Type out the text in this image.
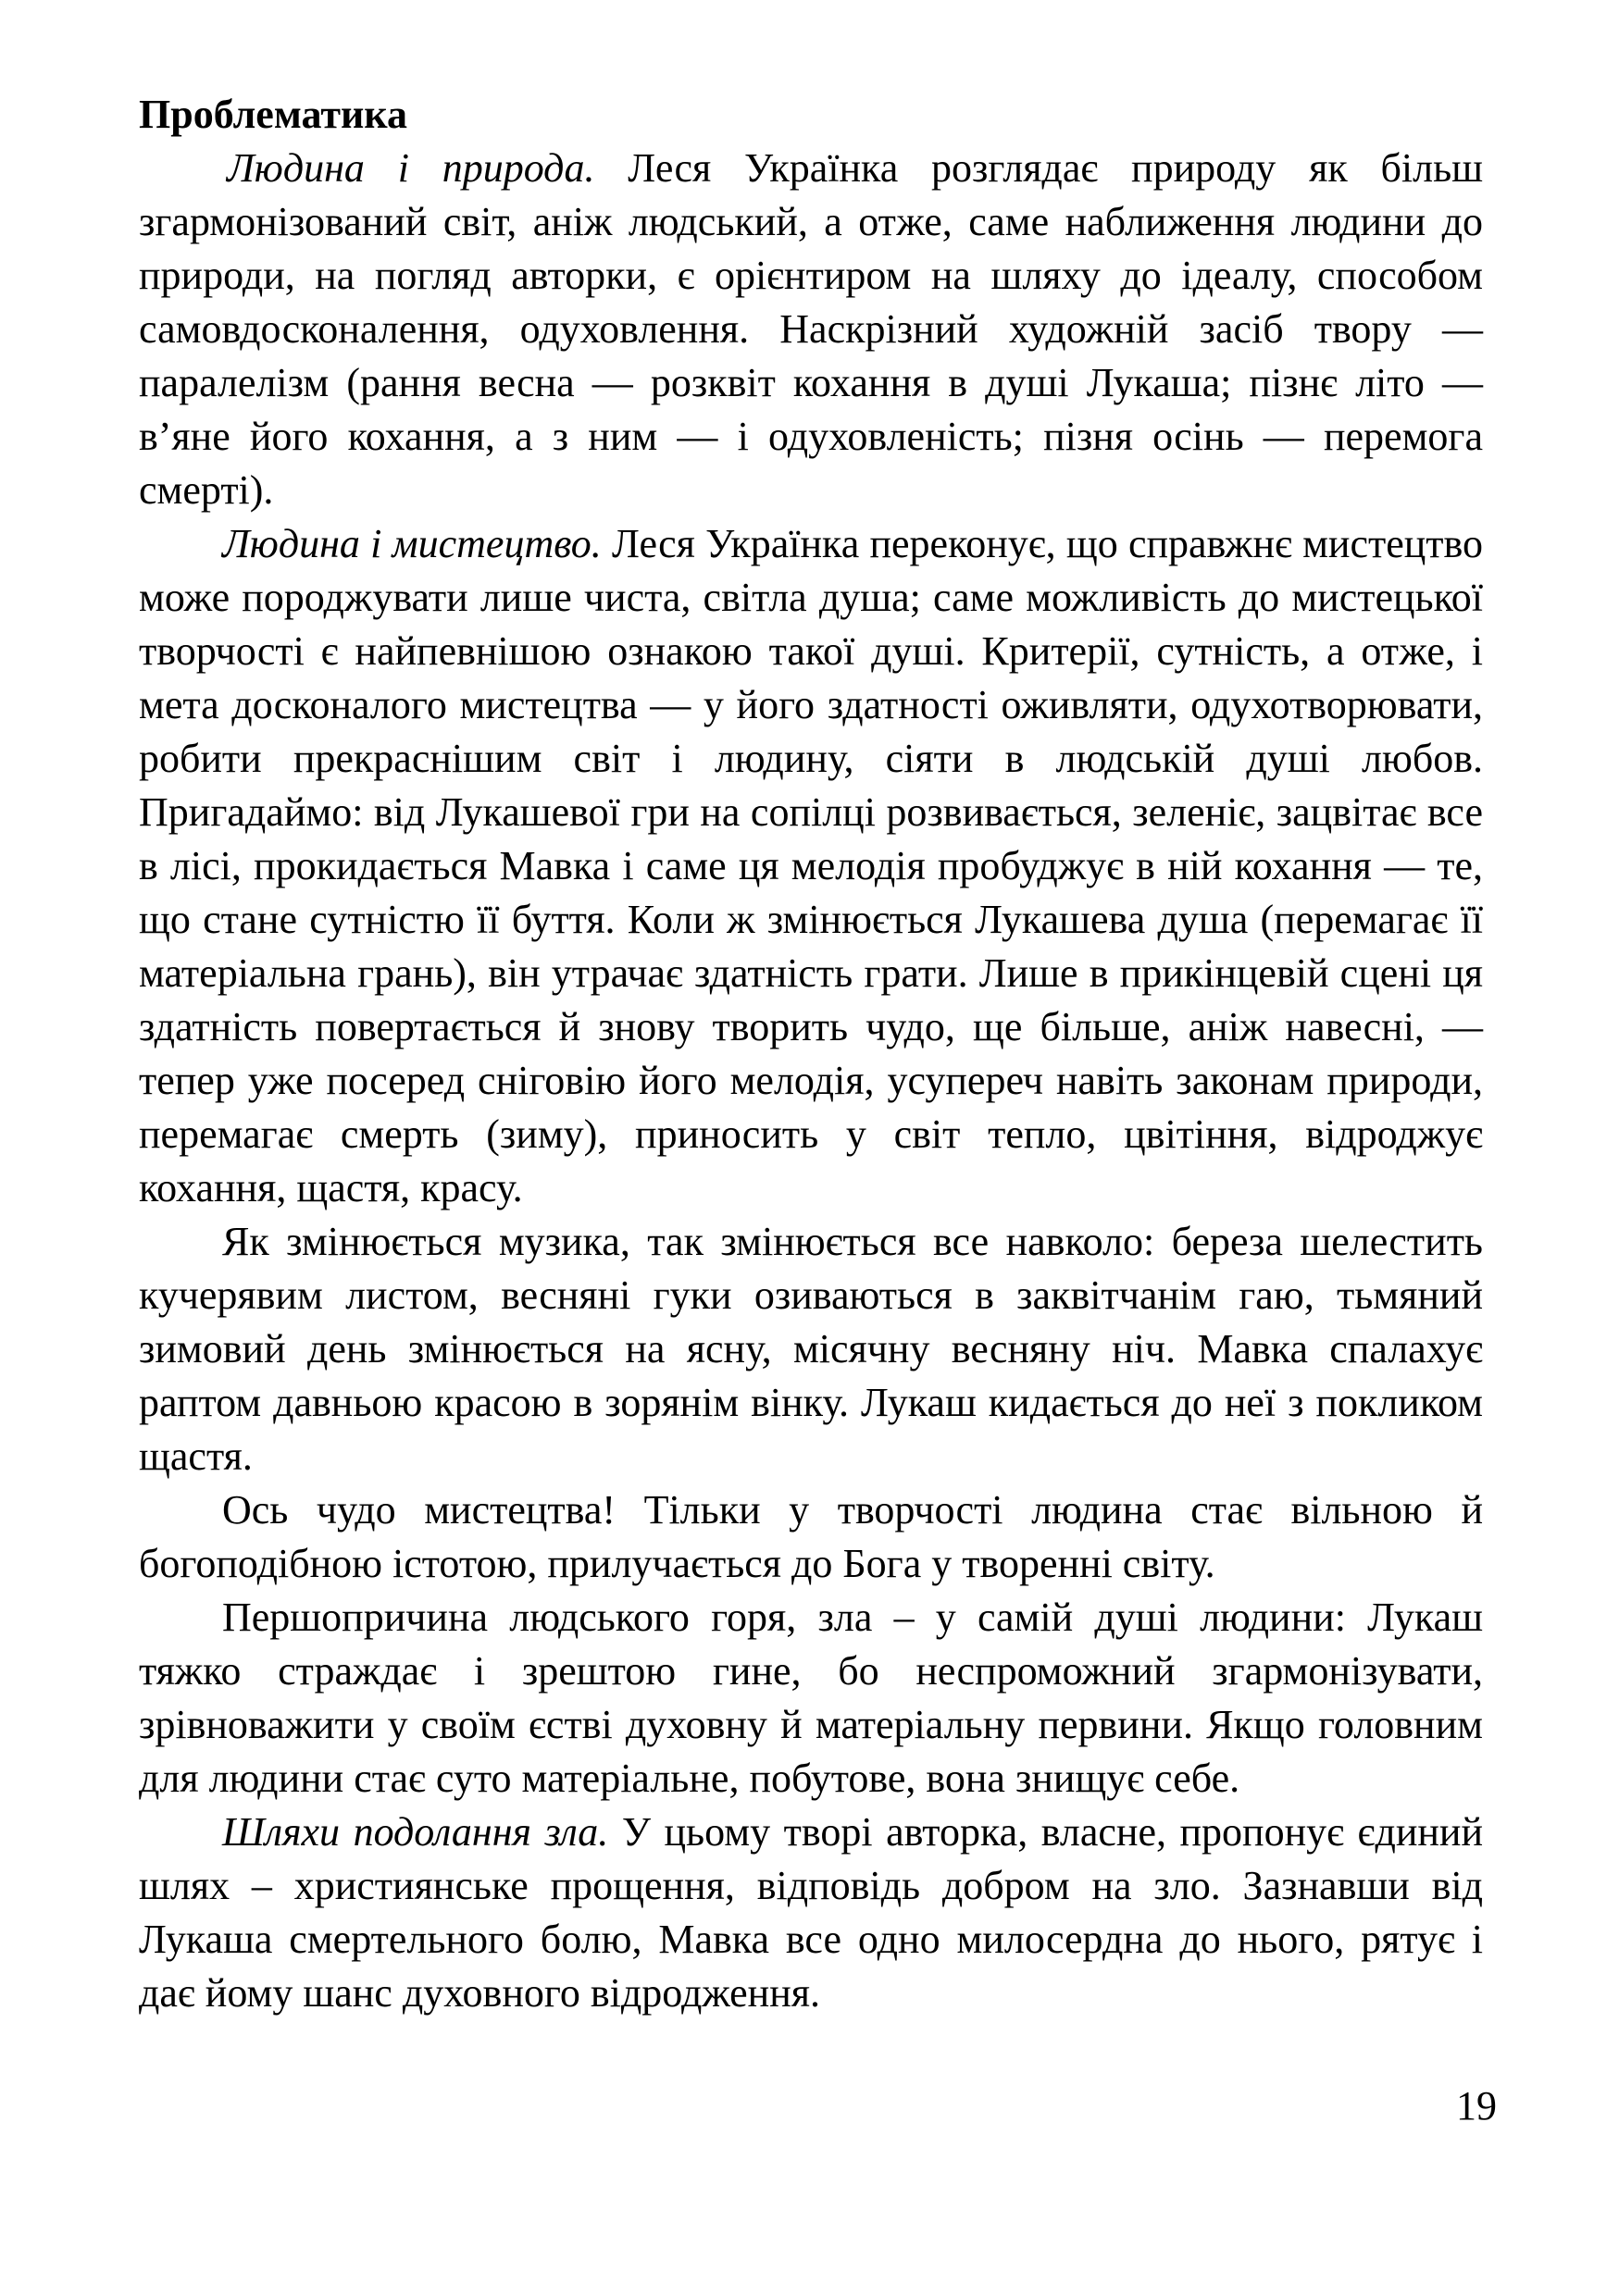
Проблематика

Людина і природа. Леся Українка розглядає природу як більш згармонізований світ, аніж людський, а отже, саме наближення людини до природи, на погляд авторки, є орієнтиром на шляху до ідеалу, способом самовдосконалення, одуховлення. Наскрізний художній засіб твору — паралелізм (рання весна — розквіт кохання в душі Лукаша; пізнє літо — в’яне його кохання, а з ним — і одуховленість; пізня осінь — перемога смерті).

Людина і мистецтво. Леся Українка переконує, що справжнє мистецтво може породжувати лише чиста, світла душа; саме можливість до мистецької творчості є найпевнішою ознакою такої душі. Критерії, сутність, а отже, і мета досконалого мистецтва — у його здатності оживляти, одухотворювати, робити прекраснішим світ і людину, сіяти в людській душі любов. Пригадаймо: від Лукашевої гри на сопілці розвивається, зеленіє, зацвітає все в лісі, прокидається Мавка і саме ця мелодія пробуджує в ній кохання — те, що стане сутністю її буття. Коли ж змінюється Лукашева душа (перемагає її матеріальна грань), він утрачає здатність грати. Лише в прикінцевій сцені ця здатність повертається й знову творить чудо, ще більше, аніж навесні, — тепер уже посеред сніговію його мелодія, усупереч навіть законам природи, перемагає смерть (зиму), приносить у світ тепло, цвітіння, відроджує кохання, щастя, красу.

Як змінюється музика, так змінюється все навколо: береза шелестить кучерявим листом, весняні гуки озиваються в заквітчанім гаю, тьмяний зимовий день змінюється на ясну, місячну весняну ніч. Мавка спалахує раптом давньою красою в зорянім вінку. Лукаш кидається до неї з покликом щастя.

Ось чудо мистецтва! Тільки у творчості людина стає вільною й богоподібною істотою, прилучається до Бога у творенні світу.

Першопричина людського горя, зла – у самій душі людини: Лукаш тяжко страждає і зрештою гине, бо неспроможний згармонізувати, зрівноважити у своїм єстві духовну й матеріальну первини. Якщо головним для людини стає суто матеріальне, побутове, вона знищує себе.

Шляхи подолання зла. У цьому творі авторка, власне, пропонує єдиний шлях – християнське прощення, відповідь добром на зло. Зазнавши від Лукаша смертельного болю, Мавка все одно милосердна до нього, рятує і дає йому шанс духовного відродження.

19
